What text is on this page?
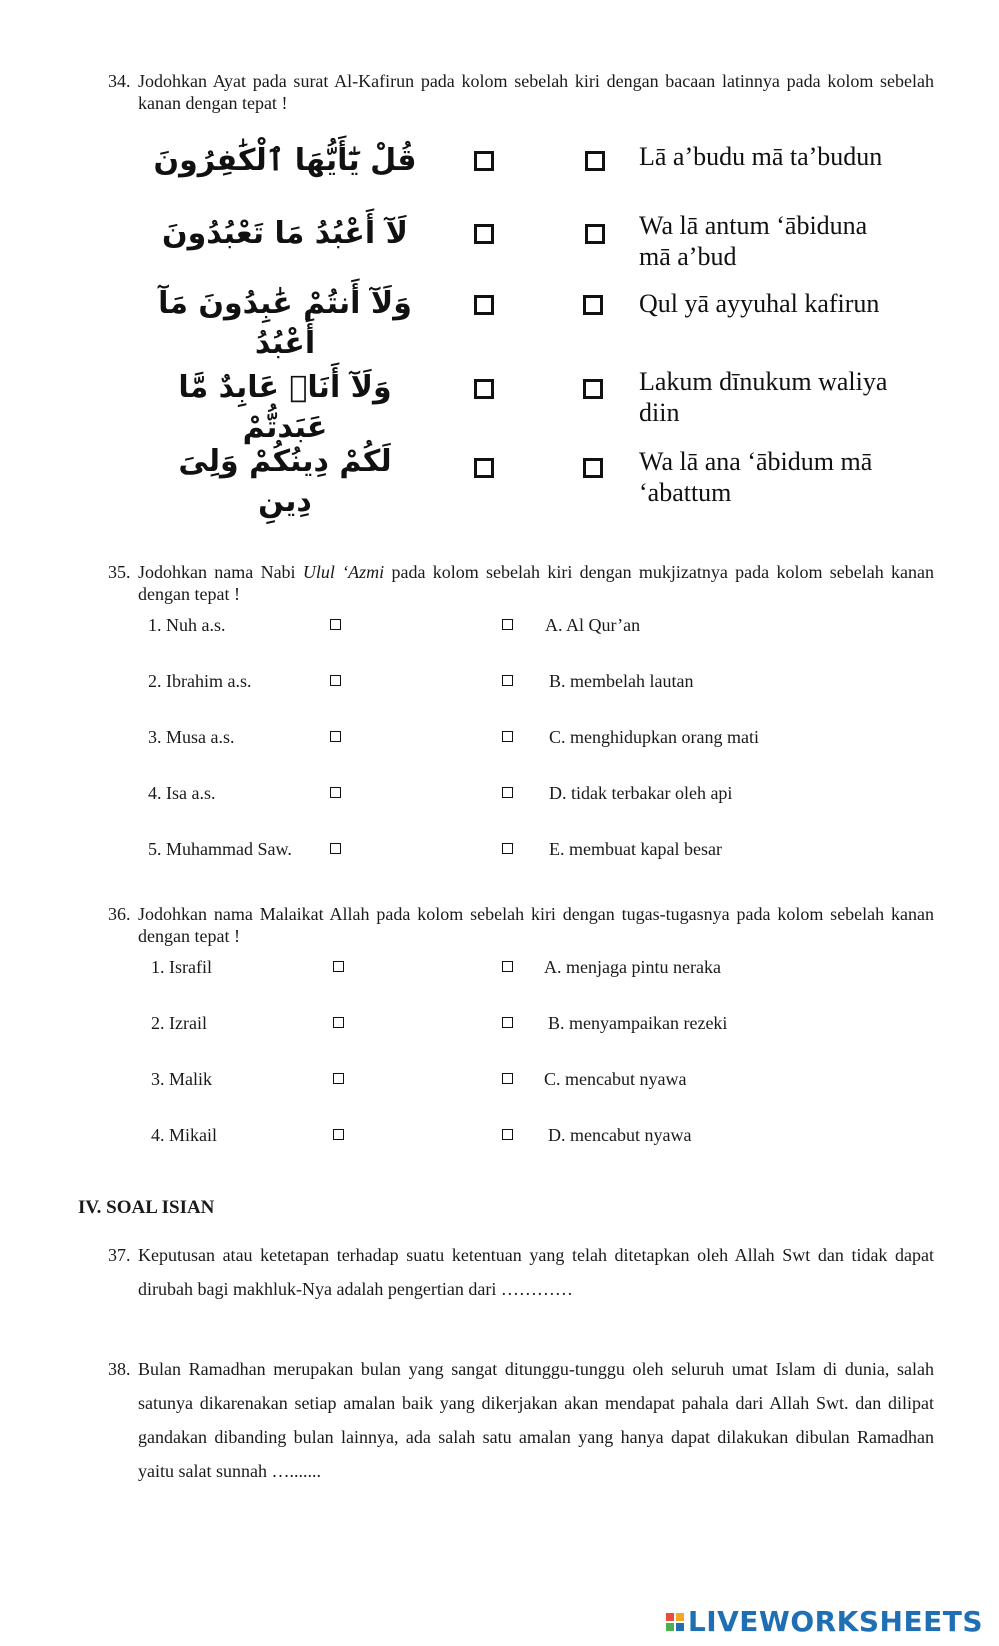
34. Jodohkan Ayat pada surat Al-Kafirun pada kolom sebelah kiri dengan bacaan latinnya pada kolom sebelah kanan dengan tepat !
قُلْ يَٰٓأَيُّهَا ٱلْكَٰفِرُونَ
لَآ أَعْبُدُ مَا تَعْبُدُونَ
وَلَآ أَنتُمْ عَٰبِدُونَ مَآ أَعْبُدُ
وَلَآ أَنَا۠ عَابِدٌ مَّا عَبَدتُّمْ
لَكُمْ دِينُكُمْ وَلِىَ دِينِ
Lā a’budu mā ta’budun
Wa lā antum ‘ābiduna
mā a’bud
Qul yā ayyuhal kafirun
Lakum dīnukum waliya
diin
Wa lā ana ‘ābidum mā
‘abattum
35. Jodohkan nama Nabi Ulul ‘Azmi pada kolom sebelah kiri dengan mukjizatnya pada kolom sebelah kanan dengan tepat !
1. Nuh a.s.
2. Ibrahim a.s.
3. Musa a.s.
4. Isa a.s.
5. Muhammad Saw.
A. Al Qur’an
B. membelah lautan
C. menghidupkan orang mati
D. tidak terbakar oleh api
E. membuat kapal besar
36. Jodohkan nama Malaikat Allah pada kolom sebelah kiri dengan tugas-tugasnya pada kolom sebelah kanan dengan tepat !
1. Israfil
2. Izrail
3. Malik
4. Mikail
A. menjaga pintu neraka
B. menyampaikan rezeki
C. mencabut nyawa
D. mencabut nyawa
IV. SOAL ISIAN
37. Keputusan atau ketetapan terhadap suatu ketentuan yang telah ditetapkan oleh Allah Swt dan tidak dapat dirubah bagi makhluk-Nya adalah pengertian dari …………
38. Bulan Ramadhan merupakan bulan yang sangat ditunggu-tunggu oleh seluruh umat Islam di dunia, salah satunya dikarenakan setiap amalan baik yang dikerjakan akan mendapat pahala dari Allah Swt. dan dilipat gandakan dibanding bulan lainnya, ada salah satu amalan yang hanya dapat dilakukan dibulan Ramadhan yaitu salat sunnah ….......
LIVEWORKSHEETS
